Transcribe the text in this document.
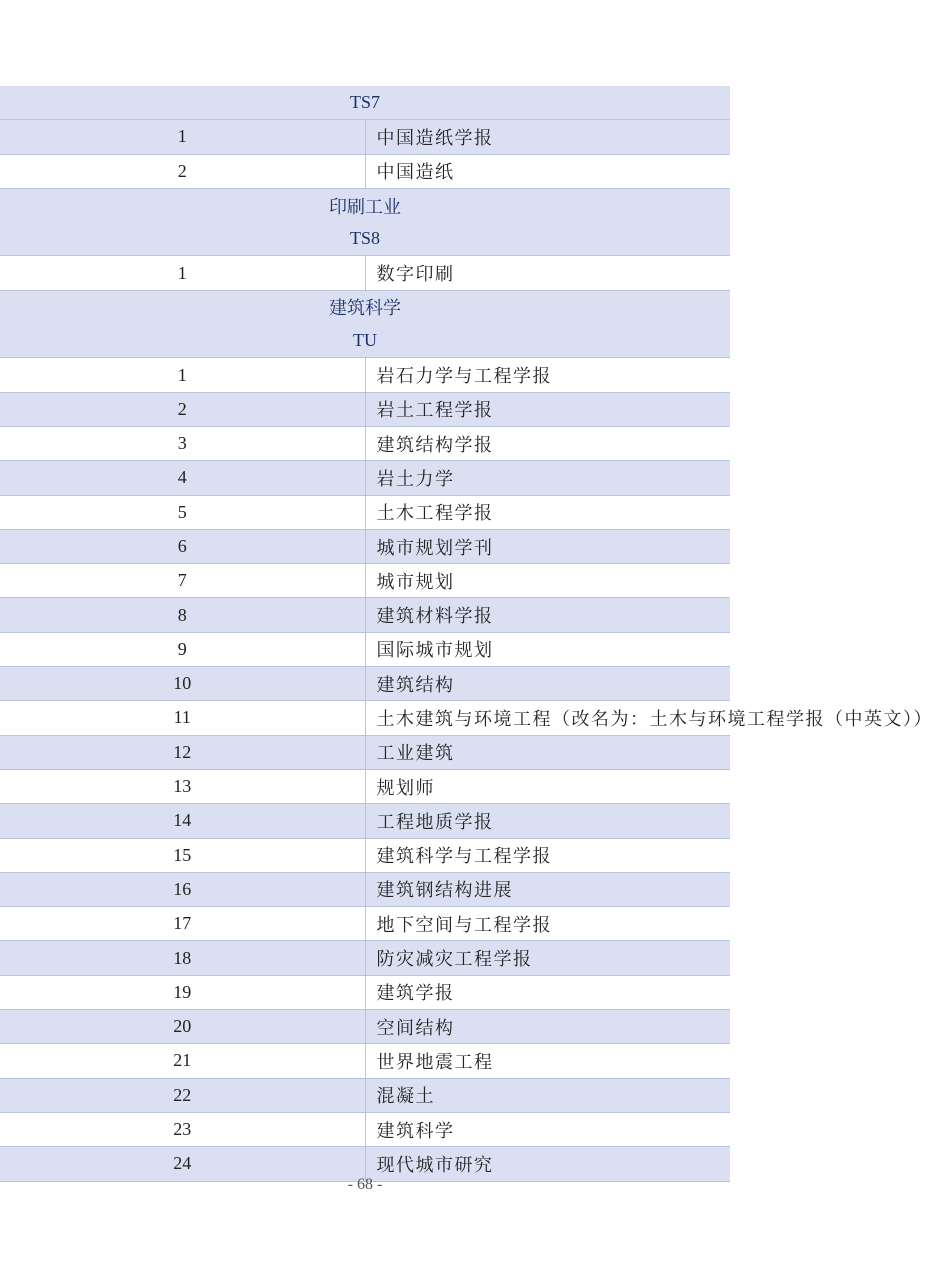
TS7	
1	中国造纸学报
2	中国造纸
印刷工业	
TS8	
1	数字印刷
建筑科学	
TU	
1	岩石力学与工程学报
2	岩土工程学报
3	建筑结构学报
4	岩土力学
5	土木工程学报
6	城市规划学刊
7	城市规划
8	建筑材料学报
9	国际城市规划
10	建筑结构
11	土木建筑与环境工程（改名为：土木与环境工程学报（中英文））
12	工业建筑
13	规划师
14	工程地质学报
15	建筑科学与工程学报
16	建筑钢结构进展
17	地下空间与工程学报
18	防灾减灾工程学报
19	建筑学报
20	空间结构
21	世界地震工程
22	混凝土
23	建筑科学
24	现代城市研究
- 68 -
